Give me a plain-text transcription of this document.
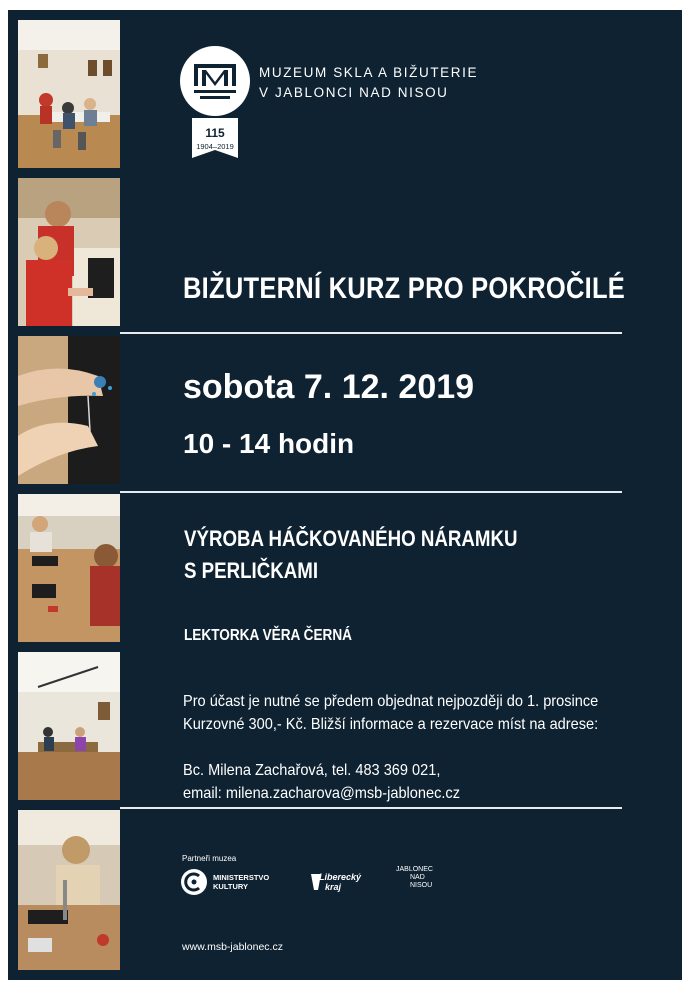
115
1904–2019
MUZEUM SKLA A BIŽUTERIE
V JABLONCI NAD NISOU
BIŽUTERNÍ KURZ PRO POKROČILÉ
sobota 7. 12. 2019
10 - 14 hodin
VÝROBA HÁČKOVANÉHO NÁRAMKU
S PERLIČKAMI
LEKTORKA VĚRA ČERNÁ
Pro účast je nutné se předem objednat nejpozději do 1. prosince
Kurzovné 300,- Kč. Bližší informace a rezervace míst na adrese:
Bc. Milena Zachařová, tel. 483 369 021,
email: milena.zacharova@msb-jablonec.cz
Partneři muzea
MINISTERSTVO
KULTURY
Liberecký
kraj
JABLONEC
NAD
NISOU
www.msb-jablonec.cz
